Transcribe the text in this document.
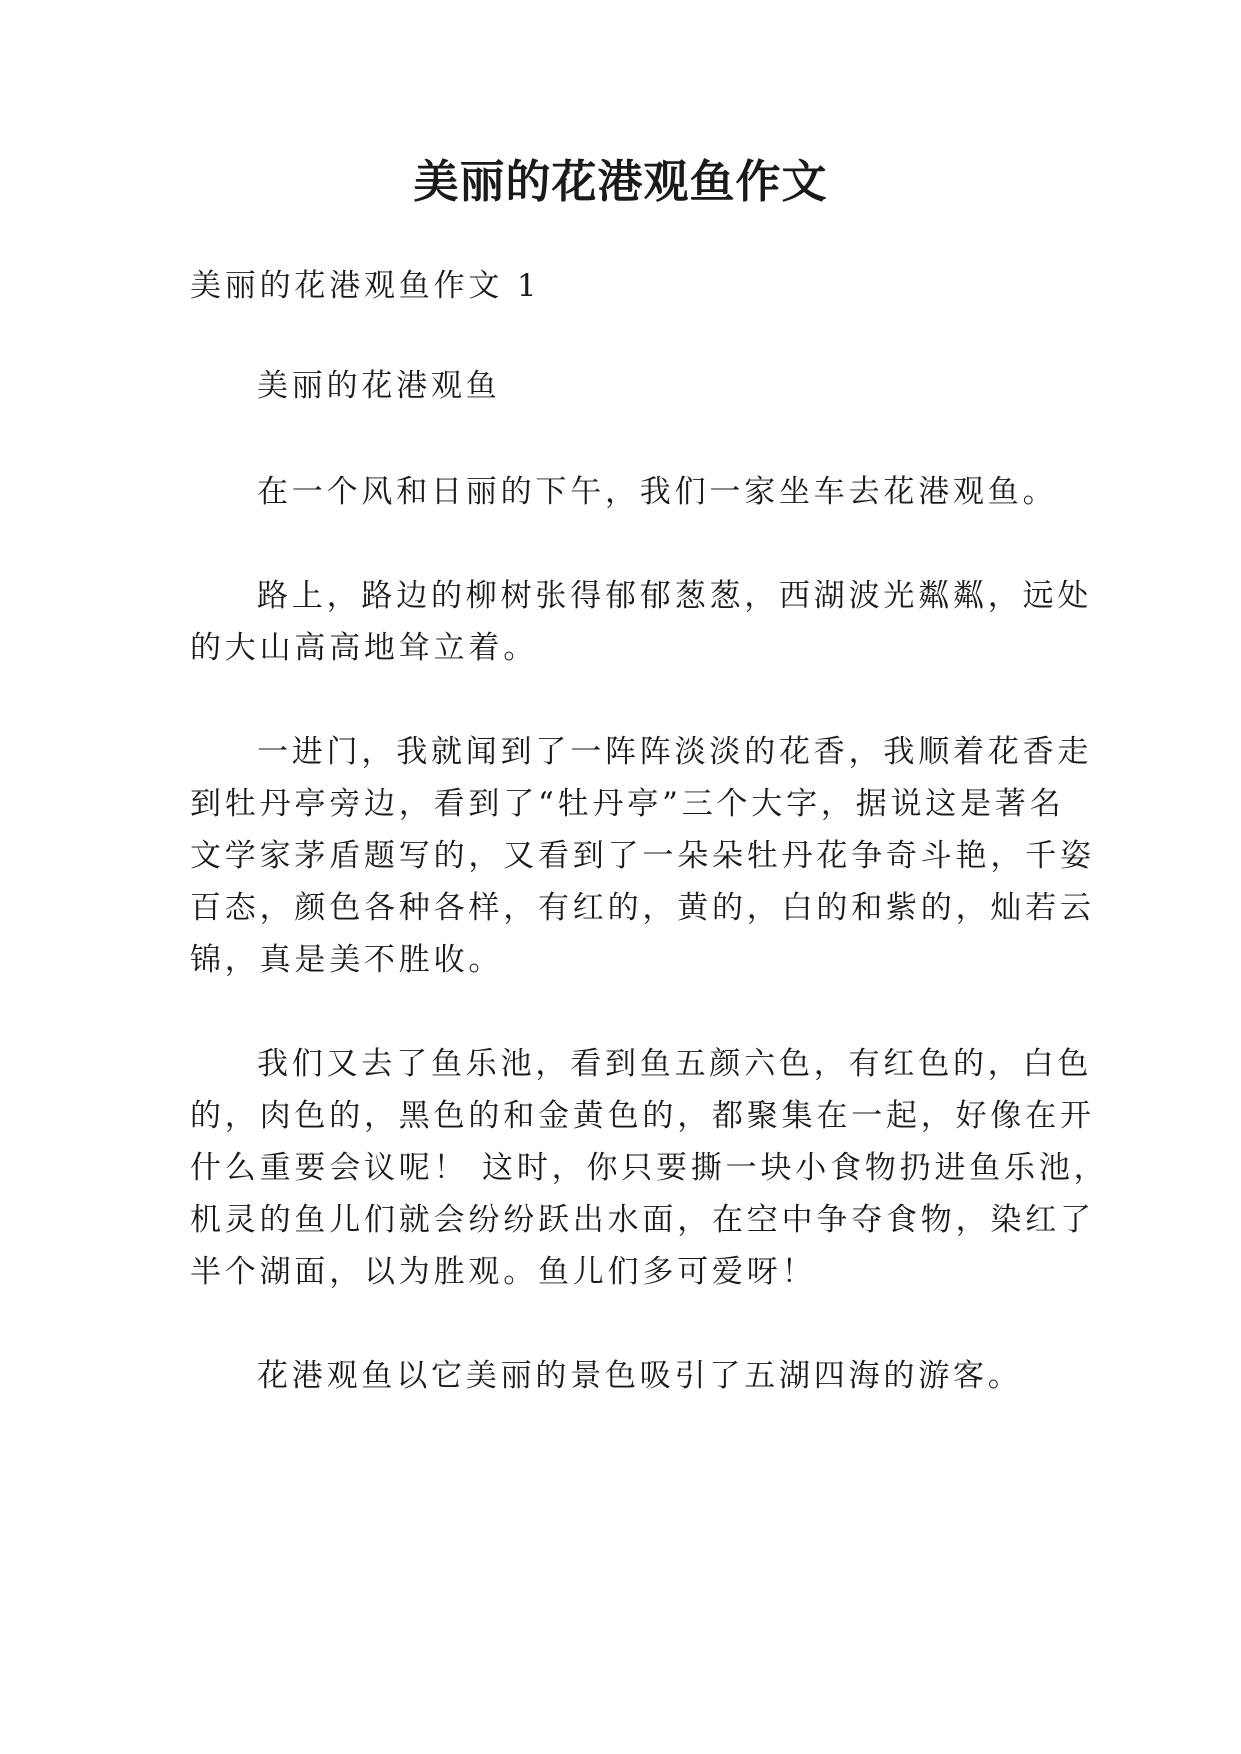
美丽的花港观鱼作文

美丽的花港观鱼作文 1

美丽的花港观鱼

在一个风和日丽的下午，我们一家坐车去花港观鱼。

路上，路边的柳树张得郁郁葱葱，西湖波光粼粼，远处

的大山高高地耸立着。

一进门，我就闻到了一阵阵淡淡的花香，我顺着花香走

到牡丹亭旁边，看到了“牡丹亭”三个大字，据说这是著名

文学家茅盾题写的，又看到了一朵朵牡丹花争奇斗艳，千姿

百态，颜色各种各样，有红的，黄的，白的和紫的，灿若云

锦，真是美不胜收。

我们又去了鱼乐池，看到鱼五颜六色，有红色的，白色

的，肉色的，黑色的和金黄色的，都聚集在一起，好像在开

什么重要会议呢！ 这时，你只要撕一块小食物扔进鱼乐池，

机灵的鱼儿们就会纷纷跃出水面，在空中争夺食物，染红了

半个湖面，以为胜观。鱼儿们多可爱呀！

花港观鱼以它美丽的景色吸引了五湖四海的游客。
